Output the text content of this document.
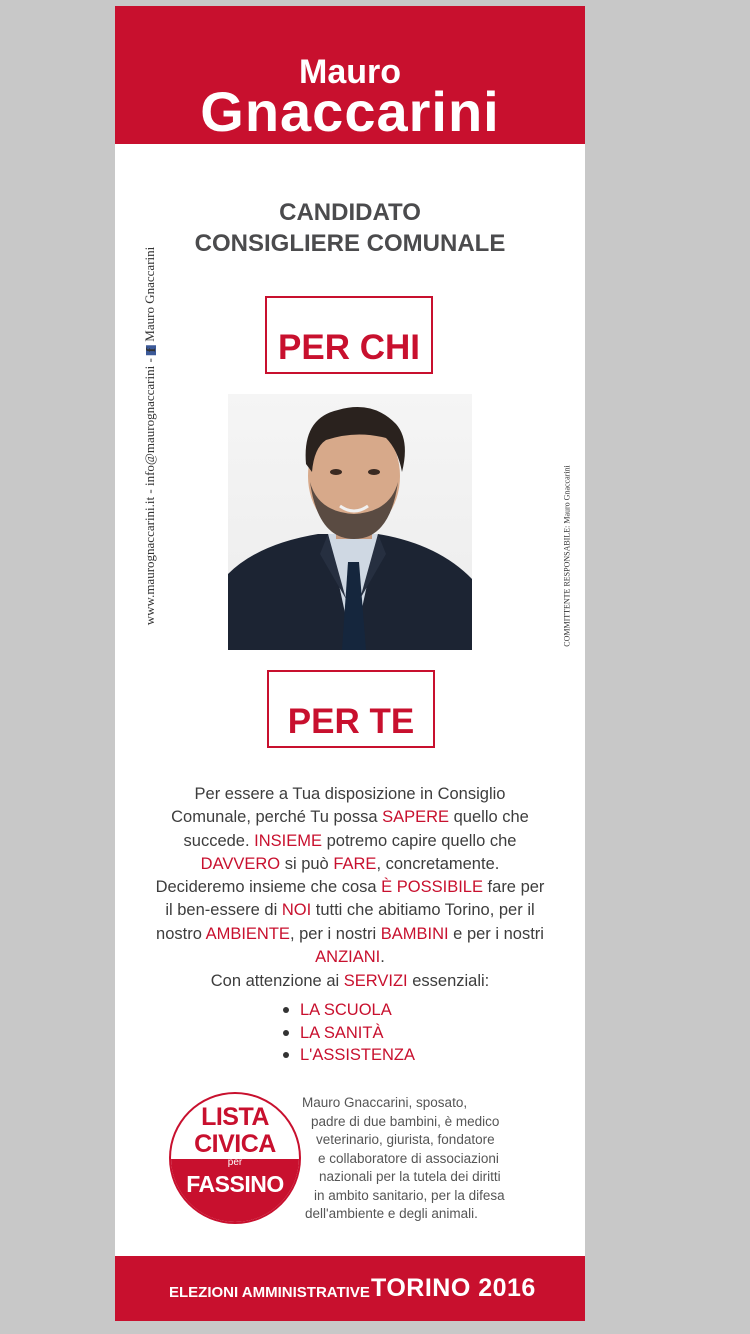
Mauro
Gnaccarini
CANDIDATO
CONSIGLIERE COMUNALE
www.maurognaccarini.it - info@maurognaccarini - f Mauro Gnaccarini
COMMITTENTE RESPONSABILE: Mauro Gnaccarini
PER CHI
PER TE
Per essere a Tua disposizione in Consiglio Comunale, perché Tu possa SAPERE quello che succede. INSIEME potremo capire quello che DAVVERO si può FARE, concretamente. Decideremo insieme che cosa È POSSIBILE fare per il ben-essere di NOI tutti che abitiamo Torino, per il nostro AMBIENTE, per i nostri BAMBINI e per i nostri ANZIANI.
Con attenzione ai SERVIZI essenziali:
LA SCUOLA
LA SANITÀ
L'ASSISTENZA
LISTA
CIVICA
per
FASSINO
Mauro Gnaccarini, sposato,
padre di due bambini, è medico
veterinario, giurista, fondatore
e collaboratore di associazioni
nazionali per la tutela dei diritti
in ambito sanitario, per la difesa
dell'ambiente e degli animali.
ELEZIONI AMMINISTRATIVE TORINO 2016
